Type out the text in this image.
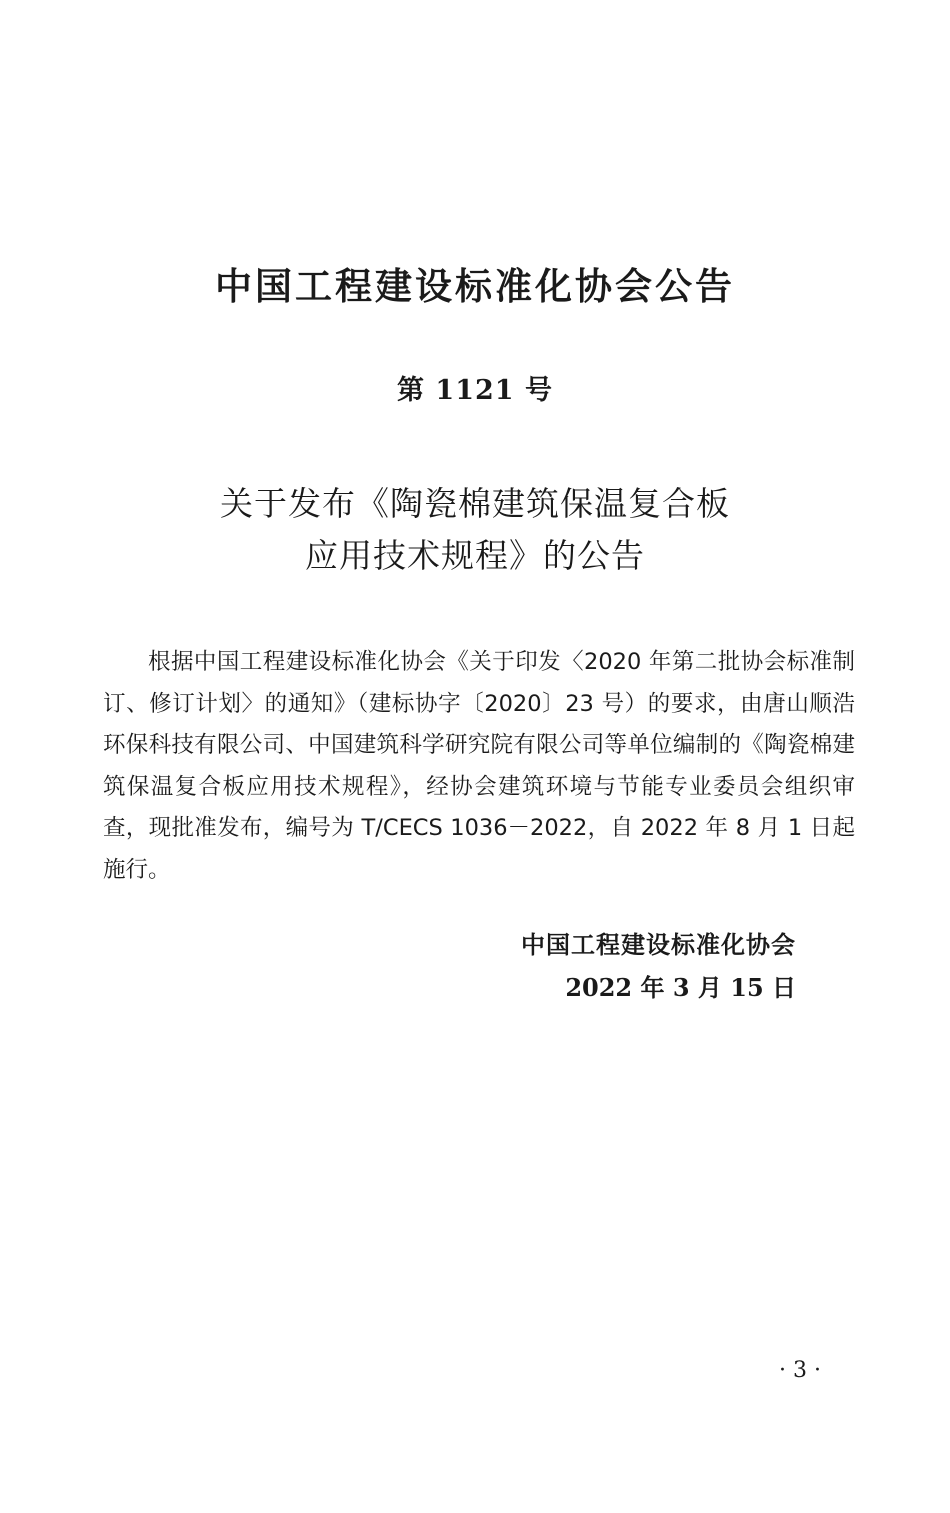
中国工程建设标准化协会公告
第 1121 号
关于发布《陶瓷棉建筑保温复合板
应用技术规程》的公告

根据中国工程建设标准化协会《关于印发〈2020 年第二批协会标准制订、修订计划〉的通知》（建标协字〔2020〕23 号）的要求，由唐山顺浩环保科技有限公司、中国建筑科学研究院有限公司等单位编制的《陶瓷棉建筑保温复合板应用技术规程》，经协会建筑环境与节能专业委员会组织审查，现批准发布，编号为 T/CECS 1036－2022，自 2022 年 8 月 1 日起施行。

中国工程建设标准化协会
2022 年 3 月 15 日
· 3 ·
